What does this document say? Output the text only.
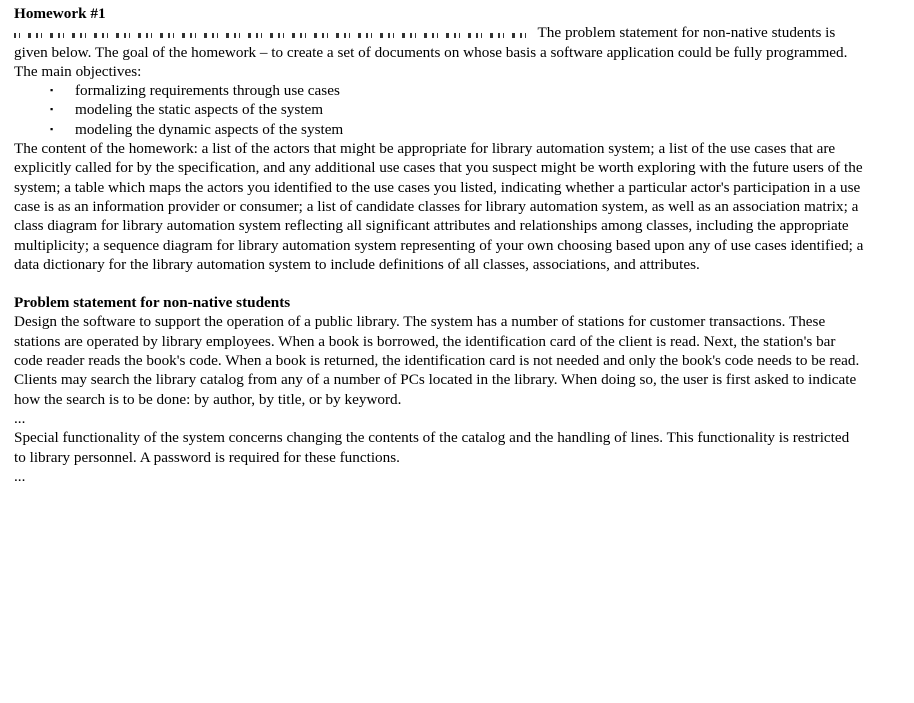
Homework #1

The problem statement for non-native students is given below. The goal of the homework – to create a set of documents on whose basis a software application could be fully programmed.

The main objectives:

▪ formalizing requirements through use cases
▪ modeling the static aspects of the system
▪ modeling the dynamic aspects of the system

The content of the homework: a list of the actors that might be appropriate for library automation system; a list of the use cases that are explicitly called for by the specification, and any additional use cases that you suspect might be worth exploring with the future users of the system; a table which maps the actors you identified to the use cases you listed, indicating whether a particular actor's participation in a use case is as an information provider or consumer; a list of candidate classes for library automation system, as well as an association matrix; a class diagram for library automation system reflecting all significant attributes and relationships among classes, including the appropriate multiplicity; a sequence diagram for library automation system representing of your own choosing based upon any of use cases identified; a data dictionary for the library automation system to include definitions of all classes, associations, and attributes.

Problem statement for non-native students

Design the software to support the operation of a public library. The system has a number of stations for customer transactions. These stations are operated by library employees. When a book is borrowed, the identification card of the client is read. Next, the station's bar code reader reads the book's code. When a book is returned, the identification card is not needed and only the book's code needs to be read.

Clients may search the library catalog from any of a number of PCs located in the library. When doing so, the user is first asked to indicate how the search is to be done: by author, by title, or by keyword.

...

Special functionality of the system concerns changing the contents of the catalog and the handling of lines. This functionality is restricted to library personnel. A password is required for these functions.

...
